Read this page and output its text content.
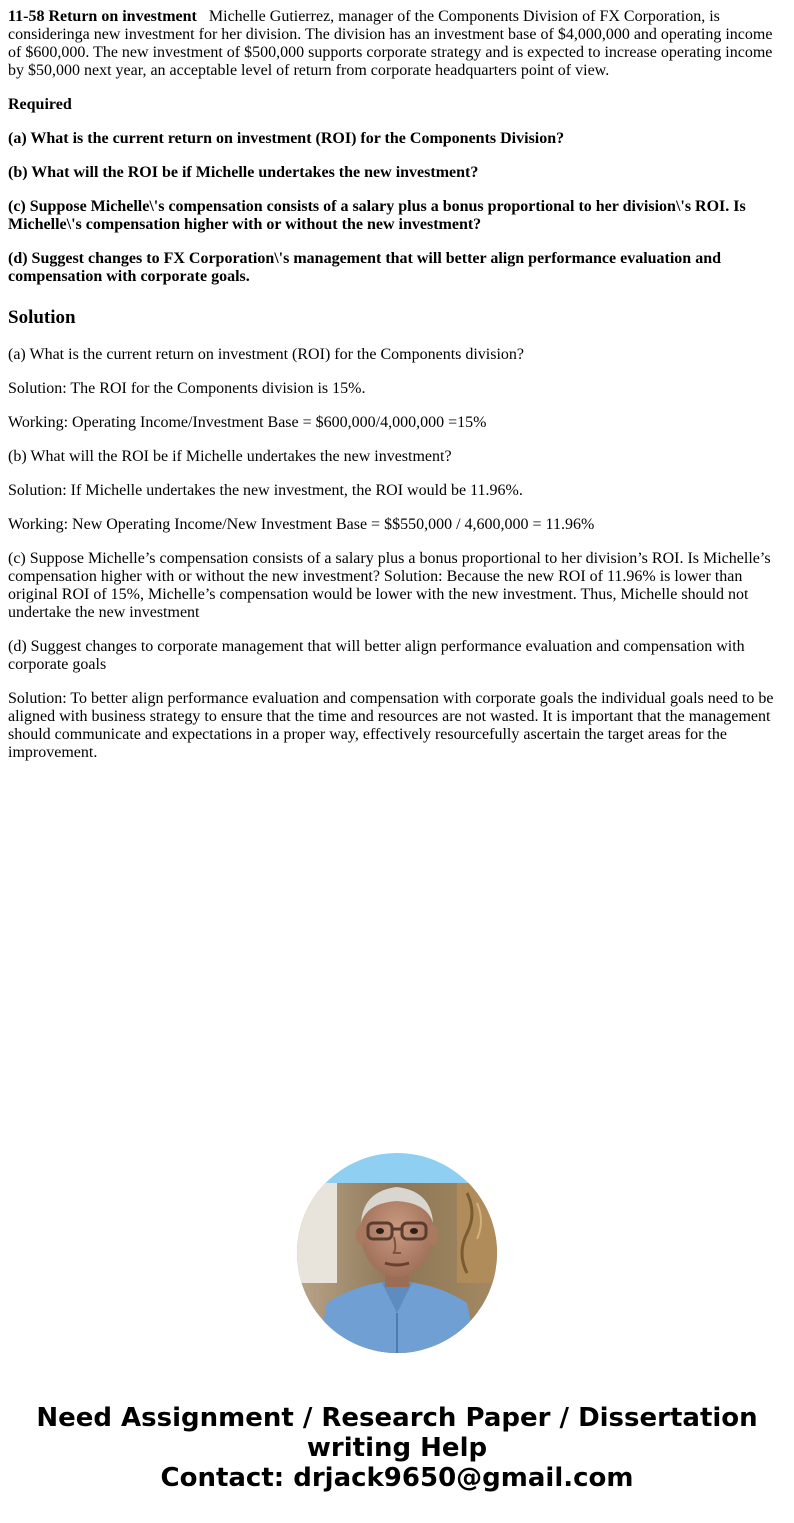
11-58 Return on investment Michelle Gutierrez, manager of the Components Division of FX Corporation, is consideringa new investment for her division. The division has an investment base of $4,000,000 and operating income of $600,000. The new investment of $500,000 supports corporate strategy and is expected to increase operating income by $50,000 next year, an acceptable level of return from corporate headquarters point of view.

Required

(a) What is the current return on investment (ROI) for the Components Division?

(b) What will the ROI be if Michelle undertakes the new investment?

(c) Suppose Michelle\'s compensation consists of a salary plus a bonus proportional to her division\'s ROI. Is Michelle\'s compensation higher with or without the new investment?

(d) Suggest changes to FX Corporation\'s management that will better align performance evaluation and compensation with corporate goals.

Solution

(a) What is the current return on investment (ROI) for the Components division?

Solution: The ROI for the Components division is 15%.

Working: Operating Income/Investment Base = $600,000/4,000,000 =15%

(b) What will the ROI be if Michelle undertakes the new investment?

Solution: If Michelle undertakes the new investment, the ROI would be 11.96%.

Working: New Operating Income/New Investment Base = $$550,000 / 4,600,000 = 11.96%

(c) Suppose Michelle’s compensation consists of a salary plus a bonus proportional to her division’s ROI. Is Michelle’s compensation higher with or without the new investment? Solution: Because the new ROI of 11.96% is lower than original ROI of 15%, Michelle’s compensation would be lower with the new investment. Thus, Michelle should not undertake the new investment

(d) Suggest changes to corporate management that will better align performance evaluation and compensation with corporate goals

Solution: To better align performance evaluation and compensation with corporate goals the individual goals need to be aligned with business strategy to ensure that the time and resources are not wasted. It is important that the management should communicate and expectations in a proper way, effectively resourcefully ascertain the target areas for the improvement.

Need Assignment / Research Paper / Dissertation
writing Help
Contact: drjack9650@gmail.com
